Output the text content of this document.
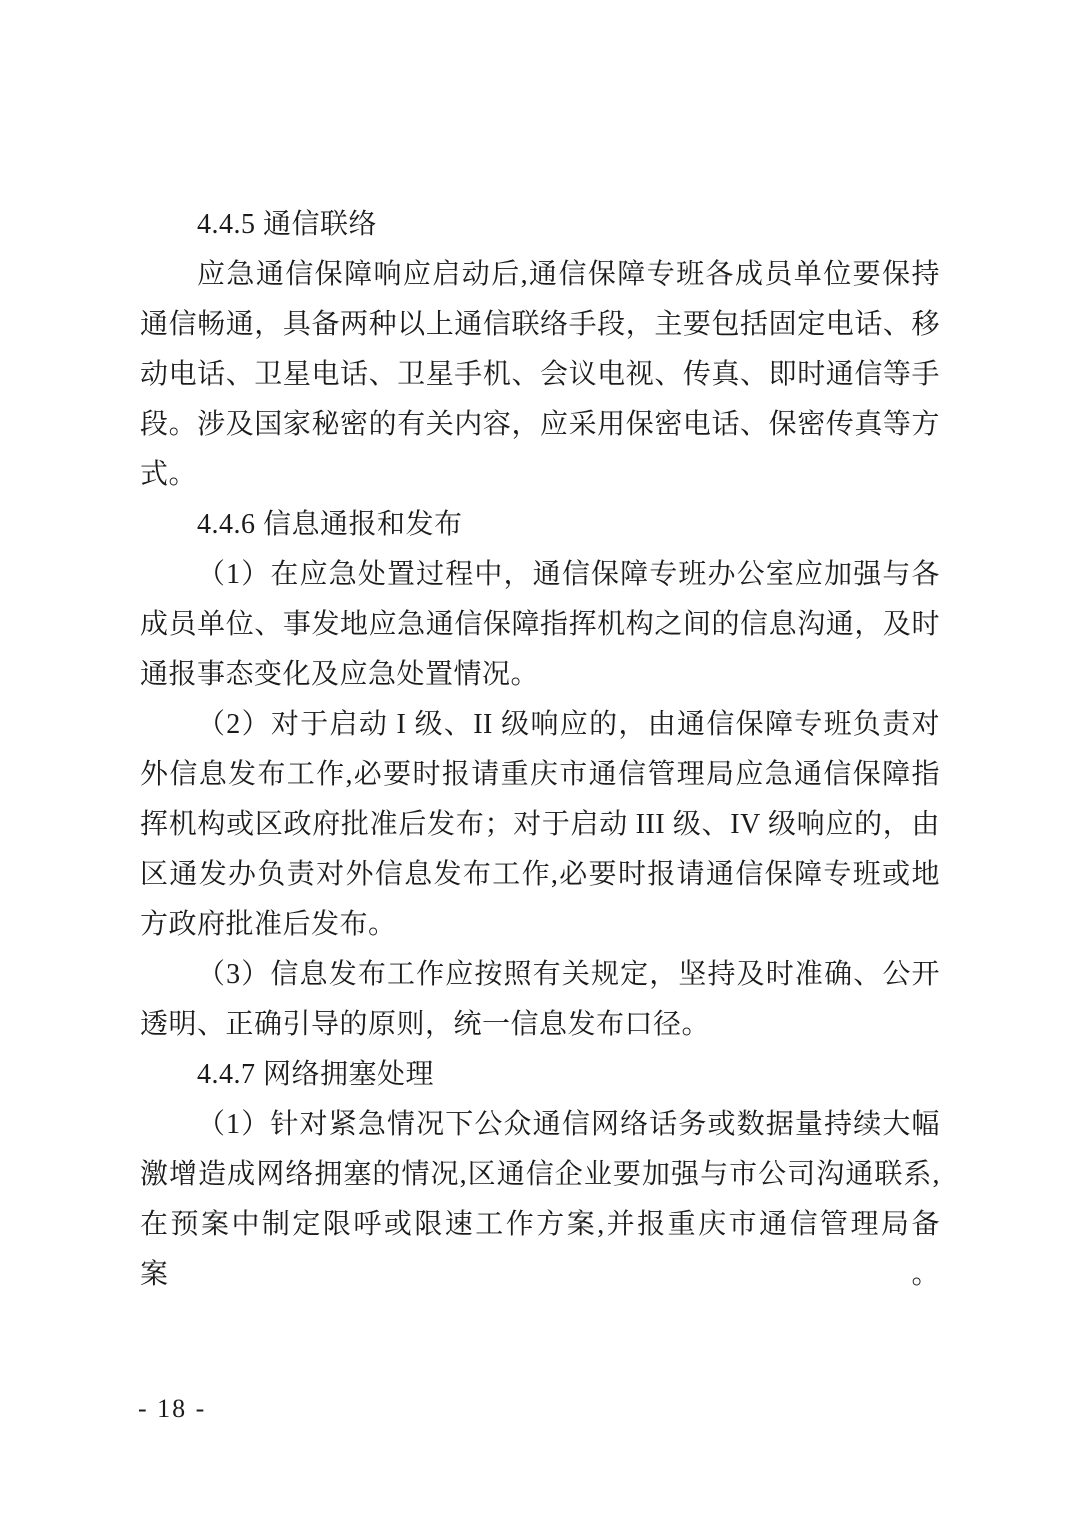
4.4.5 通信联络
应急通信保障响应启动后,通信保障专班各成员单位要保持
通信畅通，具备两种以上通信联络手段，主要包括固定电话、移
动电话、卫星电话、卫星手机、会议电视、传真、即时通信等手
段。涉及国家秘密的有关内容，应采用保密电话、保密传真等方
式。
4.4.6 信息通报和发布
（1）在应急处置过程中，通信保障专班办公室应加强与各
成员单位、事发地应急通信保障指挥机构之间的信息沟通，及时
通报事态变化及应急处置情况。
（2）对于启动 I 级、II 级响应的，由通信保障专班负责对
外信息发布工作,必要时报请重庆市通信管理局应急通信保障指
挥机构或区政府批准后发布；对于启动 III 级、IV 级响应的，由
区通发办负责对外信息发布工作,必要时报请通信保障专班或地
方政府批准后发布。
（3）信息发布工作应按照有关规定，坚持及时准确、公开
透明、正确引导的原则，统一信息发布口径。
4.4.7 网络拥塞处理
（1）针对紧急情况下公众通信网络话务或数据量持续大幅
激增造成网络拥塞的情况,区通信企业要加强与市公司沟通联系,
在预案中制定限呼或限速工作方案,并报重庆市通信管理局备案。
- 18 -
